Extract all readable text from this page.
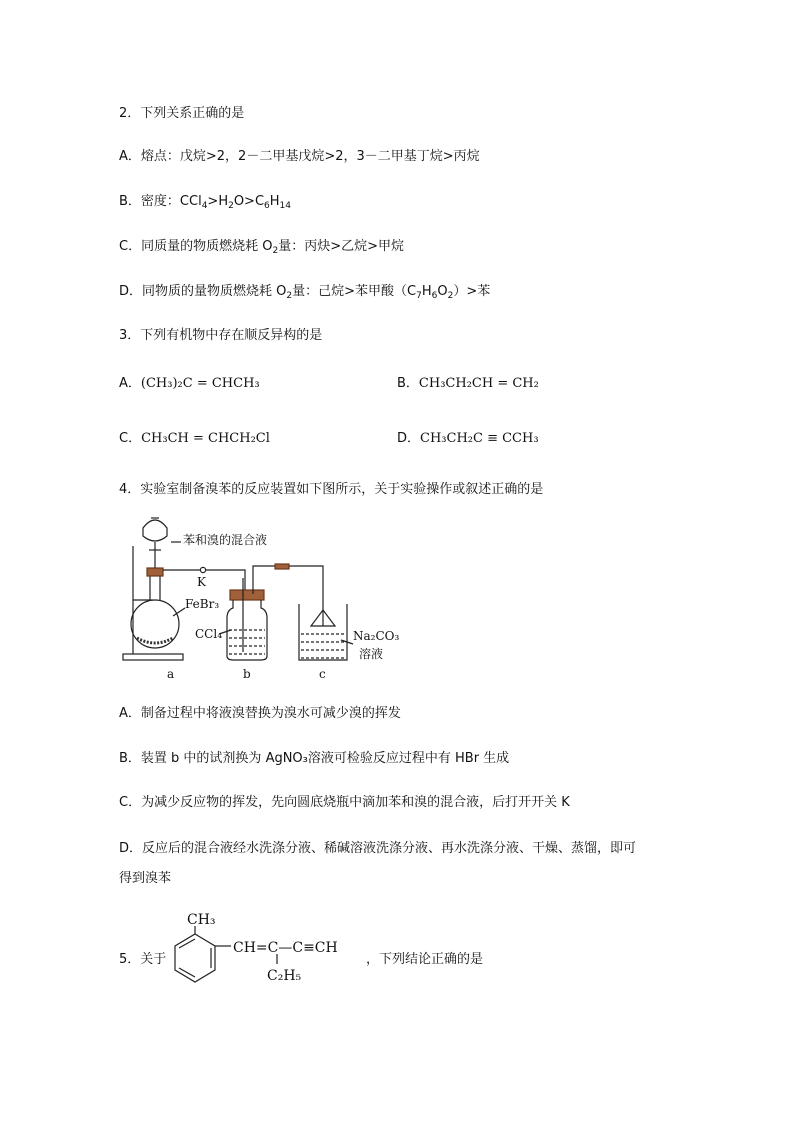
2．下列关系正确的是
A．熔点：戊烷>2，2－二甲基戊烷>2，3－二甲基丁烷>丙烷
B．密度：$CCl_4>H_2O>C_6H_{14}$
C．同质量的物质燃烧耗 $O_2$量：丙炔>乙烷>甲烷
D．同物质的量物质燃烧耗 $O_2$量：己烷>苯甲酸$(C_7H_6O_2)>$苯
3．下列有机物中存在顺反异构的是
A．(CH₃)₂C = CHCH₃	B．CH₃CH₂CH = CH₂
C．CH₃CH = CHCH₂Cl	D．CH₃CH₂C ≡ CCH₃
4．实验室制备溴苯的反应装置如下图所示，关于实验操作或叙述正确的是
苯和溴的混合液
K
FeBr₃
CCl₄	Na₂CO₃
溶液
a	b	c
A．制备过程中将液溴替换为溴水可减少溴的挥发
B．装置 b 中的试剂换为 AgNO₃溶液可检验反应过程中有 HBr 生成
C．为减少反应物的挥发，先向圆底烧瓶中滴加苯和溴的混合液，后打开开关 K
D．反应后的混合液经水洗涤分液、稀碱溶液洗涤分液、再水洗涤分液、干燥、蒸馏，即可
得到溴苯
5．关于
CH₃
CH=C—C≡CH
C₂H₅
，下列结论正确的是
